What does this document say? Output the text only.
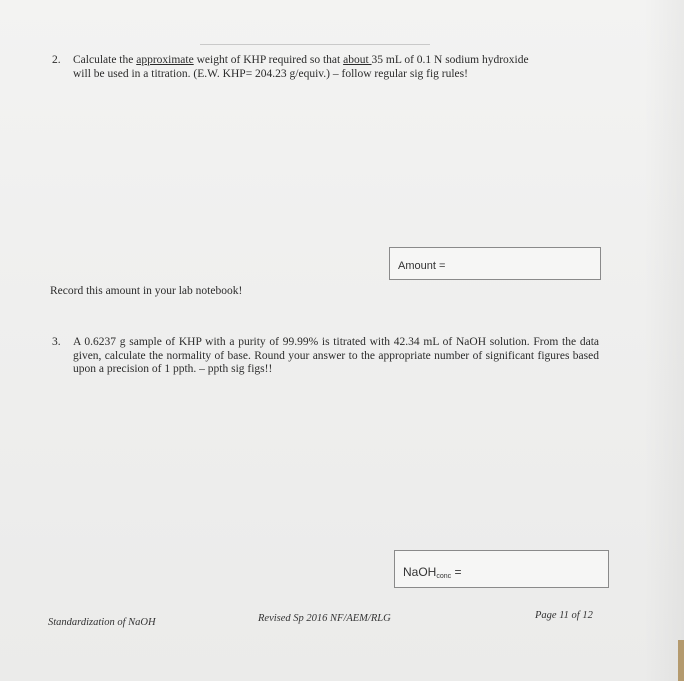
2. Calculate the approximate weight of KHP required so that about 35 mL of 0.1 N sodium hydroxide
will be used in a titration. (E.W. KHP= 204.23 g/equiv.) – follow regular sig fig rules!
Amount =
Record this amount in your lab notebook!
3. A 0.6237 g sample of KHP with a purity of 99.99% is titrated with 42.34 mL of NaOH solution. From the data given, calculate the normality of base. Round your answer to the appropriate number of significant figures based upon a precision of 1 ppth. – ppth sig figs!!
NaOH$_{conc}$ =
Standardization of NaOH	Revised Sp 2016 NF/AEM/RLG	Page 11 of 12
